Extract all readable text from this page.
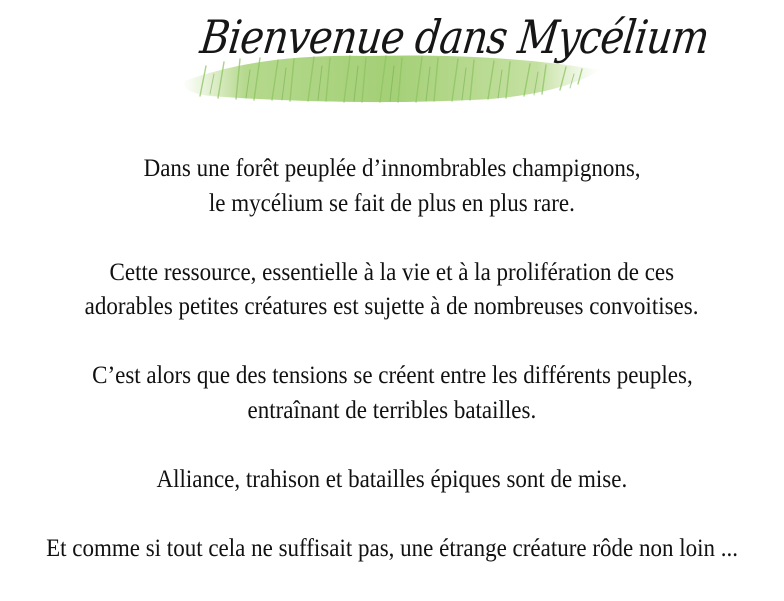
Bienvenue dans Mycélium

Dans une forêt peuplée d’innombrables champignons,
le mycélium se fait de plus en plus rare.

Cette ressource, essentielle à la vie et à la prolifération de ces
adorables petites créatures est sujette à de nombreuses convoitises.

C’est alors que des tensions se créent entre les différents peuples,
entraînant de terribles batailles.

Alliance, trahison et batailles épiques sont de mise.

Et comme si tout cela ne suffisait pas, une étrange créature rôde non loin ...
